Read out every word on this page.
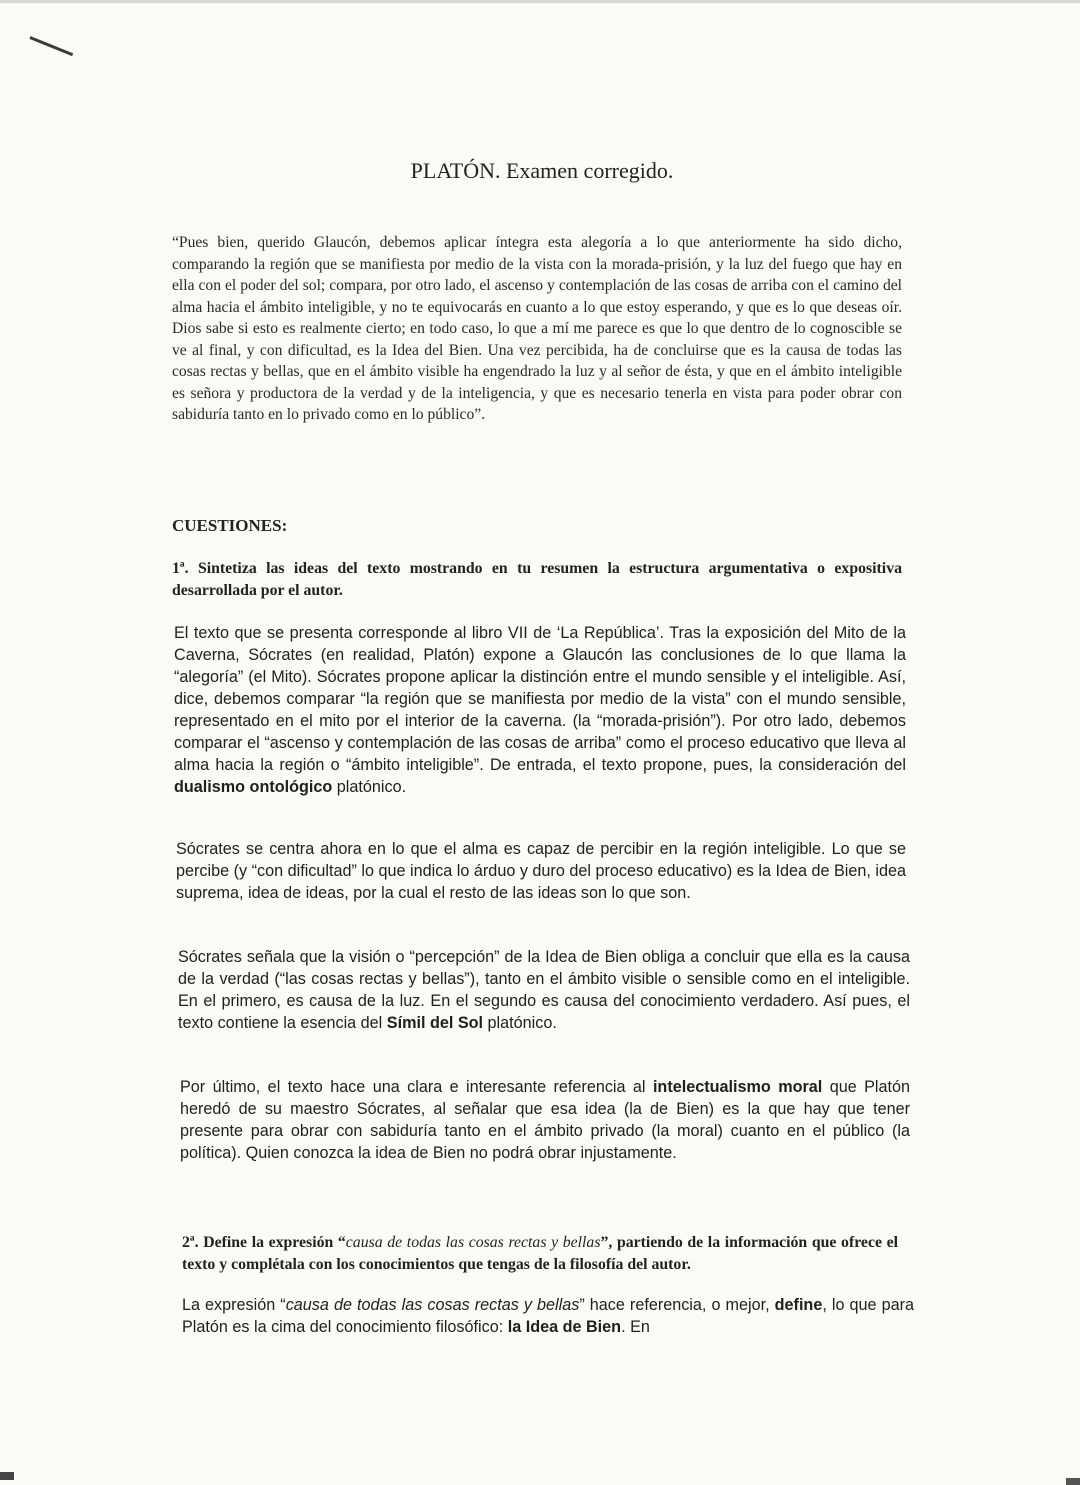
PLATÓN. Examen corregido.
“Pues bien, querido Glaucón, debemos aplicar íntegra esta alegoría a lo que anteriormente ha sido dicho, comparando la región que se manifiesta por medio de la vista con la morada-prisión, y la luz del fuego que hay en ella con el poder del sol; compara, por otro lado, el ascenso y contemplación de las cosas de arriba con el camino del alma hacia el ámbito inteligible, y no te equivocarás en cuanto a lo que estoy esperando, y que es lo que deseas oír. Dios sabe si esto es realmente cierto; en todo caso, lo que a mí me parece es que lo que dentro de lo cognoscible se ve al final, y con dificultad, es la Idea del Bien. Una vez percibida, ha de concluirse que es la causa de todas las cosas rectas y bellas, que en el ámbito visible ha engendrado la luz y al señor de ésta, y que en el ámbito inteligible es señora y productora de la verdad y de la inteligencia, y que es necesario tenerla en vista para poder obrar con sabiduría tanto en lo privado como en lo público”.
CUESTIONES:
1ª. Sintetiza las ideas del texto mostrando en tu resumen la estructura argumentativa o expositiva desarrollada por el autor.
El texto que se presenta corresponde al libro VII de ‘La República’. Tras la exposición del Mito de la Caverna, Sócrates (en realidad, Platón) expone a Glaucón las conclusiones de lo que llama la “alegoría” (el Mito). Sócrates propone aplicar la distinción entre el mundo sensible y el inteligible. Así, dice, debemos comparar “la región que se manifiesta por medio de la vista” con el mundo sensible, representado en el mito por el interior de la caverna. (la “morada-prisión”). Por otro lado, debemos comparar el “ascenso y contemplación de las cosas de arriba” como el proceso educativo que lleva al alma hacia la región o “ámbito inteligible”. De entrada, el texto propone, pues, la consideración del dualismo ontológico platónico.
Sócrates se centra ahora en lo que el alma es capaz de percibir en la región inteligible. Lo que se percibe (y “con dificultad” lo que indica lo árduo y duro del proceso educativo) es la Idea de Bien, idea suprema, idea de ideas, por la cual el resto de las ideas son lo que son.
Sócrates señala que la visión o “percepción” de la Idea de Bien obliga a concluir que ella es la causa de la verdad (“las cosas rectas y bellas”), tanto en el ámbito visible o sensible como en el inteligible. En el primero, es causa de la luz. En el segundo es causa del conocimiento verdadero. Así pues, el texto contiene la esencia del Símil del Sol platónico.
Por último, el texto hace una clara e interesante referencia al intelectualismo moral que Platón heredó de su maestro Sócrates, al señalar que esa idea (la de Bien) es la que hay que tener presente para obrar con sabiduría tanto en el ámbito privado (la moral) cuanto en el público (la política). Quien conozca la idea de Bien no podrá obrar injustamente.
2ª. Define la expresión “causa de todas las cosas rectas y bellas”, partiendo de la información que ofrece el texto y complétala con los conocimientos que tengas de la filosofía del autor.
La expresión “causa de todas las cosas rectas y bellas” hace referencia, o mejor, define, lo que para Platón es la cima del conocimiento filosófico: la Idea de Bien. En
